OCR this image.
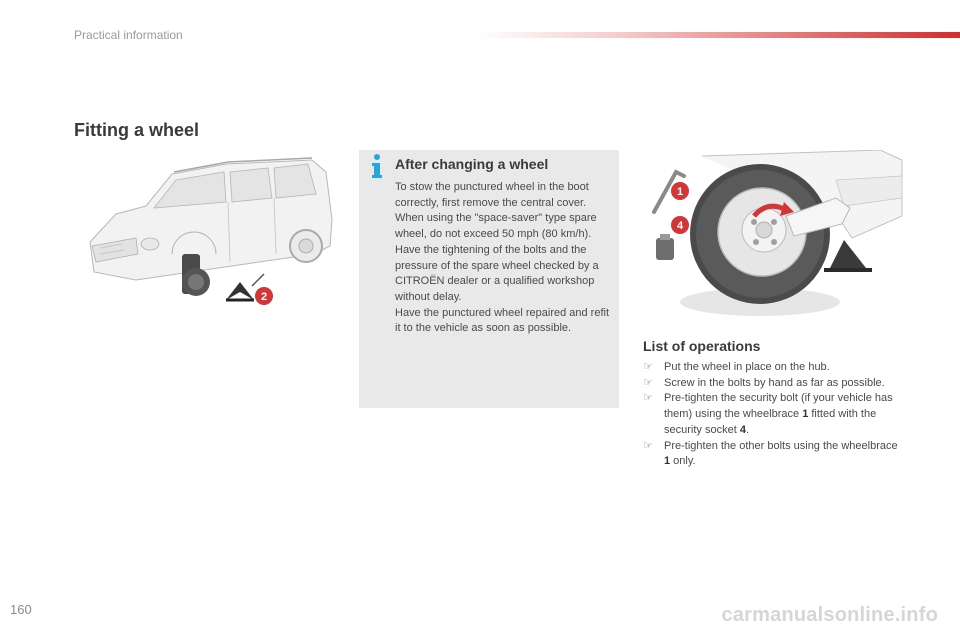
Practical information
Fitting a wheel
2
After changing a wheel

To stow the punctured wheel in the boot correctly, first remove the central cover.

When using the "space-saver" type spare wheel, do not exceed 50 mph (80 km/h).

Have the tightening of the bolts and the pressure of the spare wheel checked by a CITROËN dealer or a qualified workshop without delay.

Have the punctured wheel repaired and refit it to the vehicle as soon as possible.

1
4
List of operations
☞ Put the wheel in place on the hub.
☞ Screw in the bolts by hand as far as possible.
☞ Pre-tighten the security bolt (if your vehicle has them) using the wheelbrace 1 fitted with the security socket 4.
☞ Pre-tighten the other bolts using the wheelbrace 1 only.
160	carmanualsonline.info
